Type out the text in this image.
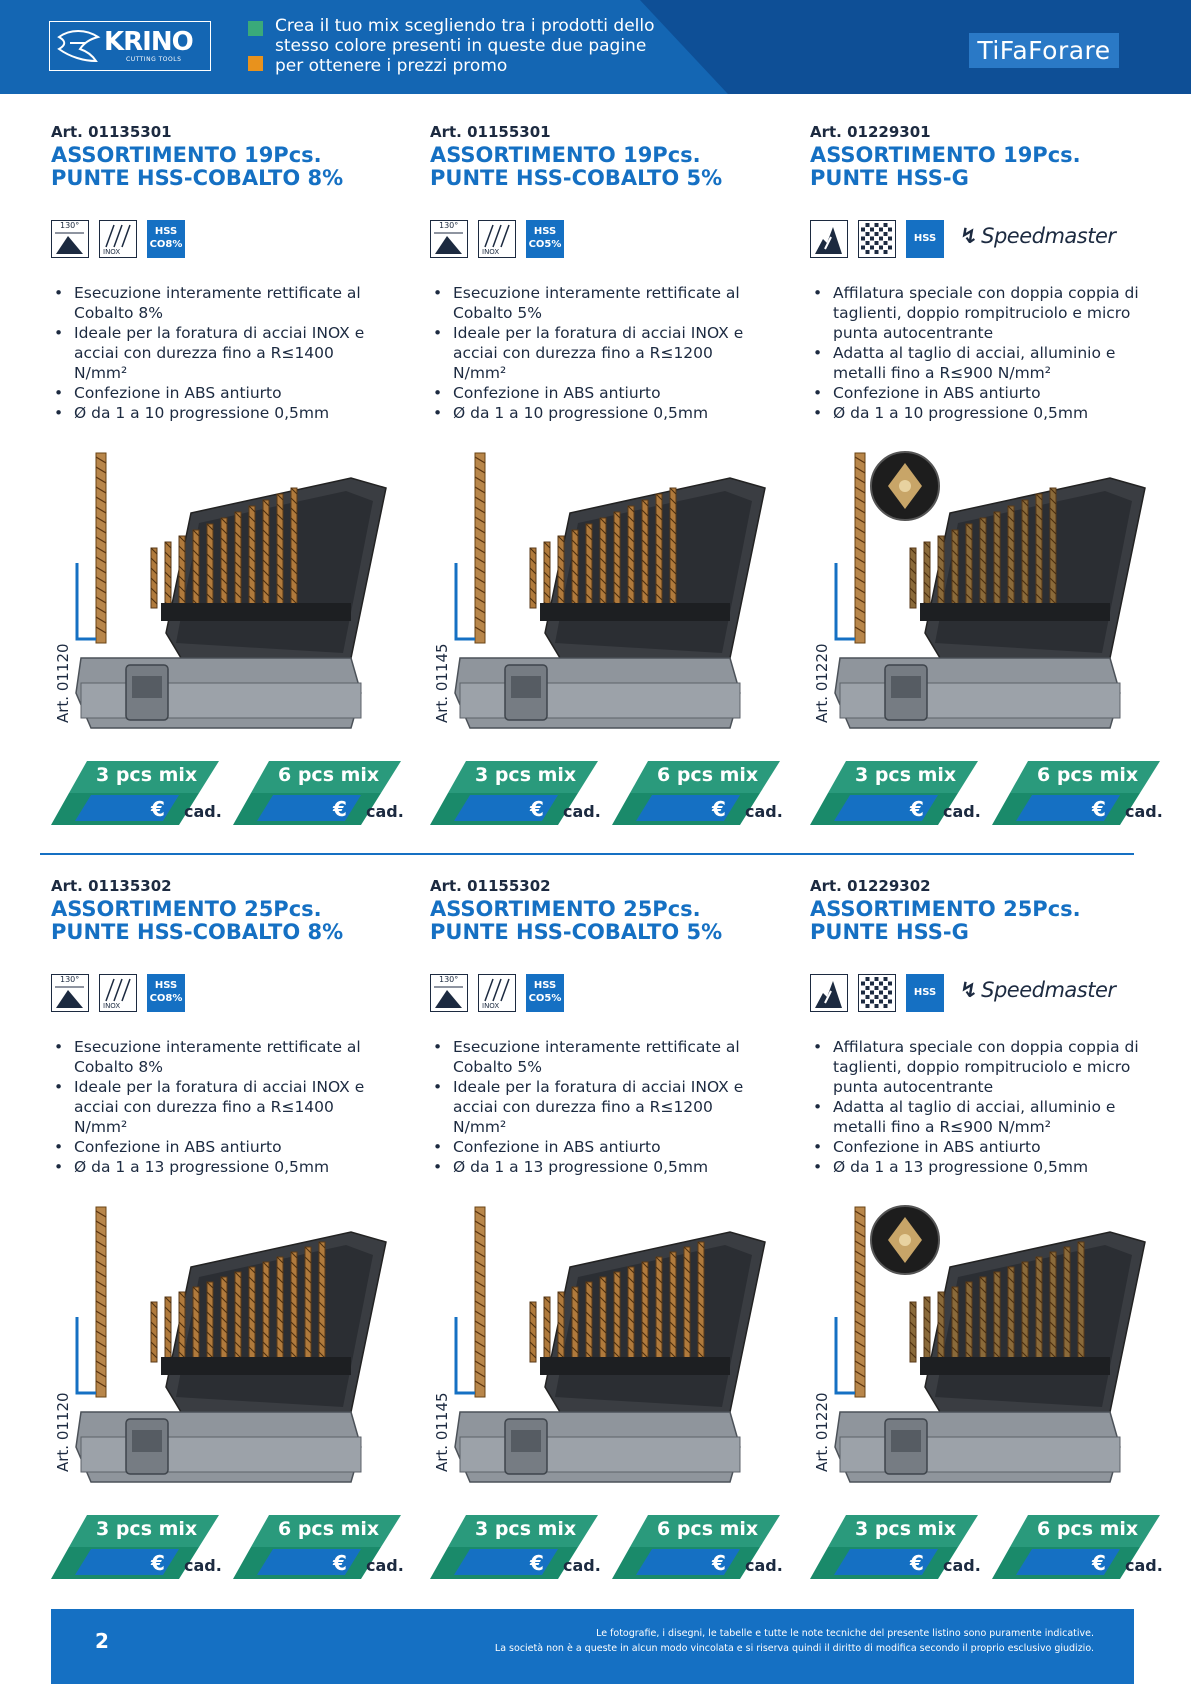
KRINO
CUTTING TOOLS
Crea il tuo mix scegliendo tra i prodotti dello
stesso colore presenti in queste due pagine
per ottenere i prezzi promo
TiFaForare
Art. 01135301
ASSORTIMENTO 19Pcs.
PUNTE HSS-COBALTO 8%
130°
INOX
HSS
CO8%
• Esecuzione interamente rettificate al Cobalto 8%
• Ideale per la foratura di acciai INOX e acciai con durezza fino a R≤1400 N/mm²
• Confezione in ABS antiurto
• Ø da 1 a 10 progressione 0,5mm
Art. 01120
3 pcs mix
€ cad.
6 pcs mix
€ cad.
Art. 01155301
ASSORTIMENTO 19Pcs.
PUNTE HSS-COBALTO 5%
130°
INOX
HSS
CO5%
• Esecuzione interamente rettificate al Cobalto 5%
• Ideale per la foratura di acciai INOX e acciai con durezza fino a R≤1200 N/mm²
• Confezione in ABS antiurto
• Ø da 1 a 10 progressione 0,5mm
Art. 01145
3 pcs mix
€ cad.
6 pcs mix
€ cad.
Art. 01229301
ASSORTIMENTO 19Pcs.
PUNTE HSS-G
HSS	↯ Speedmaster
• Affilatura speciale con doppia coppia di taglienti, doppio rompitruciolo e micro punta autocentrante
• Adatta al taglio di acciai, alluminio e metalli fino a R≤900 N/mm²
• Confezione in ABS antiurto
• Ø da 1 a 10 progressione 0,5mm
Art. 01220
3 pcs mix
€ cad.
6 pcs mix
€ cad.
Art. 01135302
ASSORTIMENTO 25Pcs.
PUNTE HSS-COBALTO 8%
130°
INOX
HSS
CO8%
• Esecuzione interamente rettificate al Cobalto 8%
• Ideale per la foratura di acciai INOX e acciai con durezza fino a R≤1400 N/mm²
• Confezione in ABS antiurto
• Ø da 1 a 13 progressione 0,5mm
Art. 01120
3 pcs mix
€ cad.
6 pcs mix
€ cad.
Art. 01155302
ASSORTIMENTO 25Pcs.
PUNTE HSS-COBALTO 5%
130°
INOX
HSS
CO5%
• Esecuzione interamente rettificate al Cobalto 5%
• Ideale per la foratura di acciai INOX e acciai con durezza fino a R≤1200 N/mm²
• Confezione in ABS antiurto
• Ø da 1 a 13 progressione 0,5mm
Art. 01145
3 pcs mix
€ cad.
6 pcs mix
€ cad.
Art. 01229302
ASSORTIMENTO 25Pcs.
PUNTE HSS-G
HSS	↯ Speedmaster
• Affilatura speciale con doppia coppia di taglienti, doppio rompitruciolo e micro punta autocentrante
• Adatta al taglio di acciai, alluminio e metalli fino a R≤900 N/mm²
• Confezione in ABS antiurto
• Ø da 1 a 13 progressione 0,5mm
Art. 01220
3 pcs mix
€ cad.
6 pcs mix
€ cad.
2	Le fotografie, i disegni, le tabelle e tutte le note tecniche del presente listino sono puramente indicative.
La società non è a queste in alcun modo vincolata e si riserva quindi il diritto di modifica secondo il proprio esclusivo giudizio.
